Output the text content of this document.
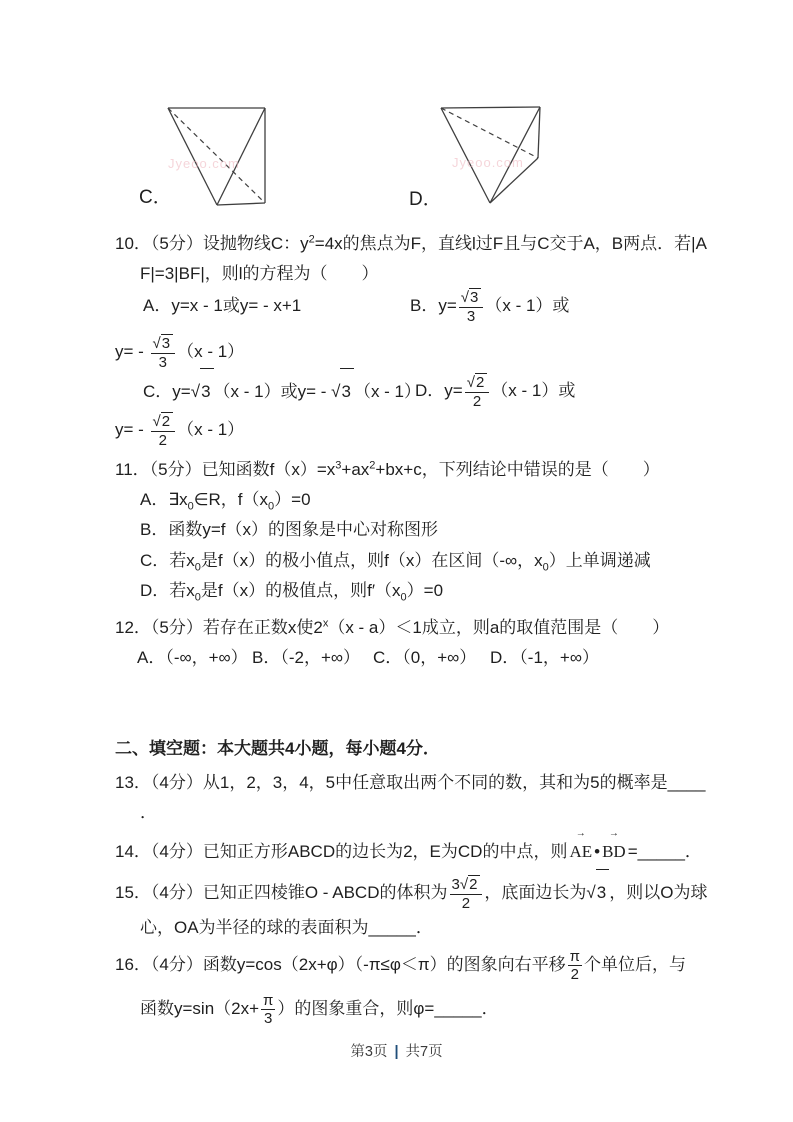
Jyeoo.com
C．
Jyeoo.com
D．
10．（5分）设抛物线C：$y^2=4x$的焦点为F，直线l过F且与C交于A，B两点．若|A
F|=3|BF|，则l的方程为（　　）
A．y=x - 1或y= - x+1	B．$y= \frac{√ 3}{3} (x - 1)$或
$y= - \frac{√ 3}{3} (x - 1)$
C．y= √ 3 （x - 1）或y= - √ 3 （x - 1）
D．$y= \frac{√ 2}{2} (x - 1)$或
$y= - \frac{√ 2}{2} (x - 1)$
11．（5分）已知函数$f(x)=x^3+ax^2+bx+c$，下列结论中错误的是（　　）
A．$\exists x_0\in R$，$f(x_0)=0$
B．函数y=f（x）的图象是中心对称图形
C．若$x_0$是f（x）的极小值点，则f（x）在区间（-∞，$x_0$）上单调递减
D．若$x_0$是f（x）的极值点，则$f'(x_0)=0$
12．（5分）若存在正数x使2$^x$（x - a）＜1成立，则a的取值范围是（　　）
A．（-∞，+∞） B．（-2，+∞） C．（0，+∞） D．（-1，+∞）
二、填空题：本大题共4小题，每小题4分．
13．（4分）从1，2，3，4，5中任意取出两个不同的数，其和为5的概率是____
．
14．（4分）已知正方形ABCD的边长为2，E为CD的中点，则
→
AE •
→
BD =_____．
15．（4分）已知正四棱锥O - ABCD的体积为 $\frac{3 √ 2}{2}$ ，底面边长为 √ 3 ，则以O为球
心，OA为半径的球的表面积为_____．
16．（4分）函数y=cos（2x+φ）（-π≤φ＜π）的图象向右平移 $\frac{\pi}{2}$ 个单位后，与
函数$y=\sin(2x+ \frac{\pi}{3}$ ）的图象重合，则φ=_____．
第3页 | 共7页
